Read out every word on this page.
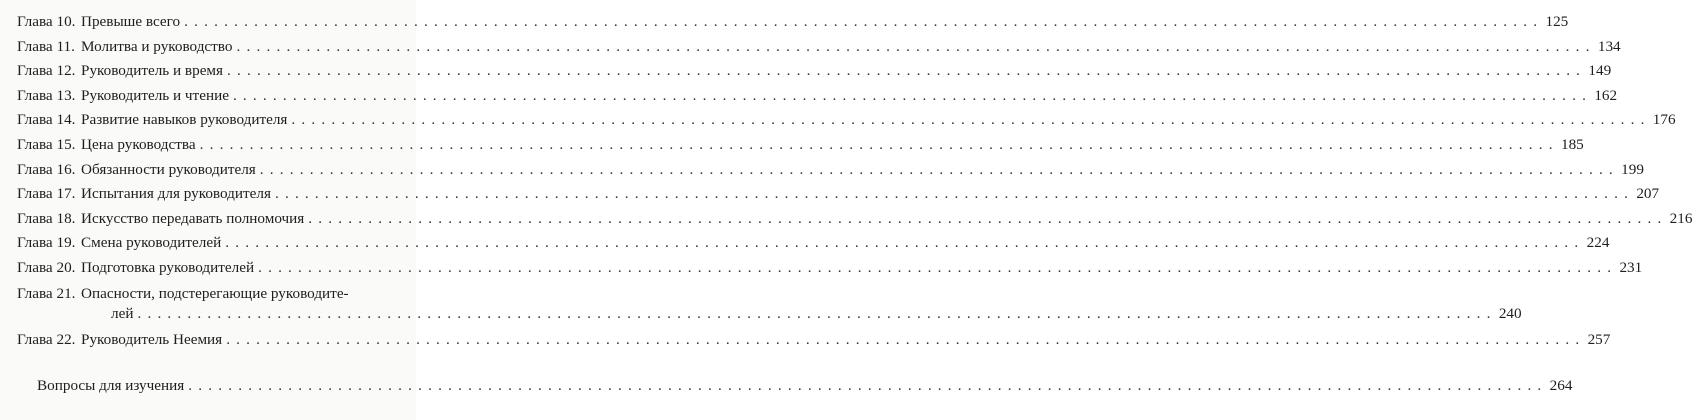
Глава 10. Превыше всего . . .	125
Глава 11. Молитва и руководство . . .	134
Глава 12. Руководитель и время . . .	149
Глава 13. Руководитель и чтение . . .	162
Глава 14. Развитие навыков руководителя . . .	176
Глава 15. Цена руководства . . .	185
Глава 16. Обязанности руководителя . . .	199
Глава 17. Испытания для руководителя . . .	207
Глава 18. Искусство передавать полномочия . . .	216
Глава 19. Смена руководителей . . .	224
Глава 20. Подготовка руководителей . . .	231
Глава 21. Опасности, подстерегающие руководите-
лей . . .	240
Глава 22. Руководитель Неемия . . .	257
Вопросы для изучения . . .	264
